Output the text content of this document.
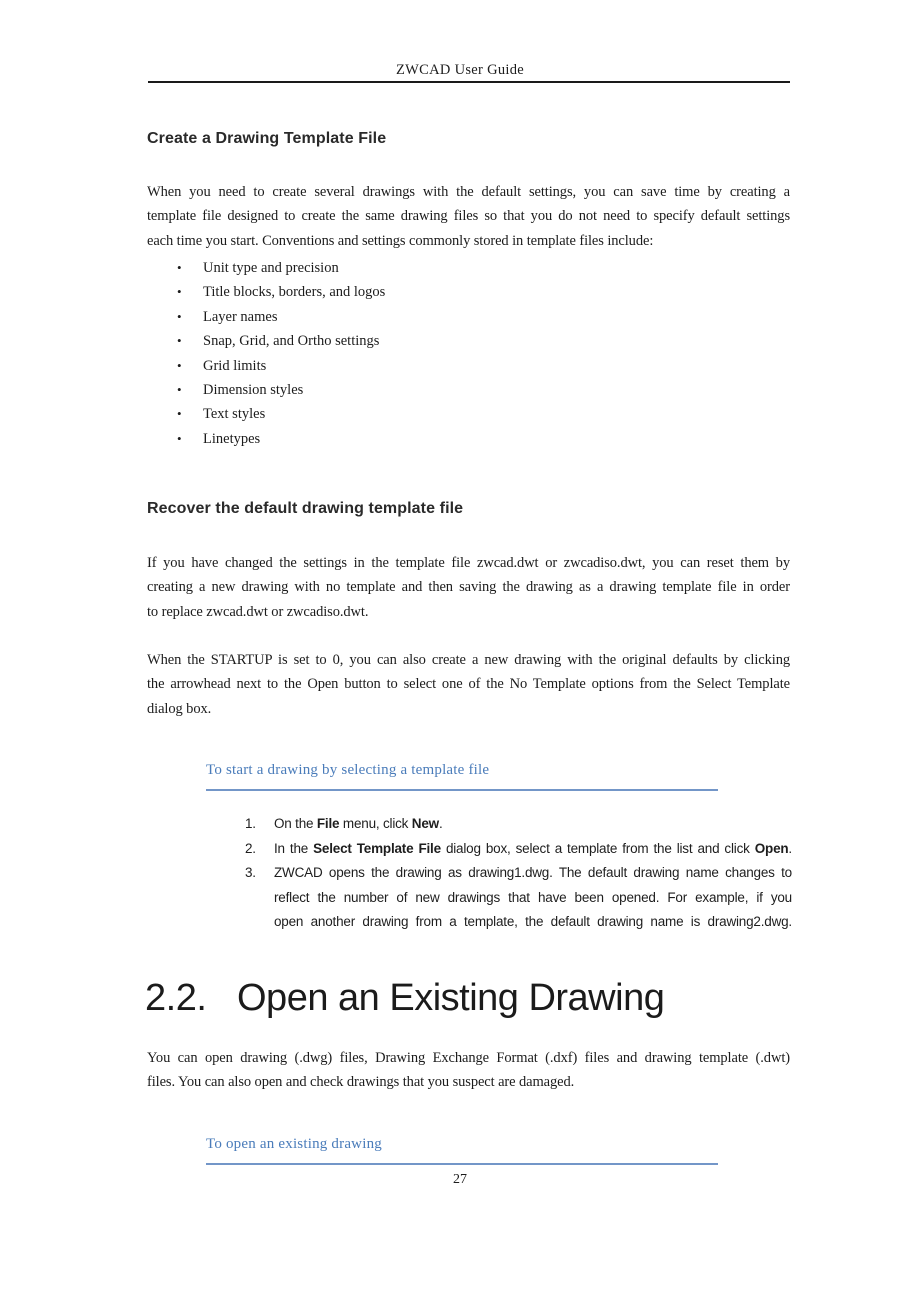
ZWCAD User Guide
Create a Drawing Template File
When you need to create several drawings with the default settings, you can save time by creating a
template file designed to create the same drawing files so that you do not need to specify default settings
each time you start. Conventions and settings commonly stored in template files include:
•	Unit type and precision
•	Title blocks, borders, and logos
•	Layer names
•	Snap, Grid, and Ortho settings
•	Grid limits
•	Dimension styles
•	Text styles
•	Linetypes
Recover the default drawing template file
If you have changed the settings in the template file zwcad.dwt or zwcadiso.dwt, you can reset them by
creating a new drawing with no template and then saving the drawing as a drawing template file in order
to replace zwcad.dwt or zwcadiso.dwt.
When the STARTUP is set to 0, you can also create a new drawing with the original defaults by clicking
the arrowhead next to the Open button to select one of the No Template options from the Select Template
dialog box.
To start a drawing by selecting a template file
1.	On the File menu, click New.
2.	In the Select Template File dialog box, select a template from the list and click Open.
3.	ZWCAD opens the drawing as drawing1.dwg. The default drawing name changes to
reflect the number of new drawings that have been opened. For example, if you
open another drawing from a template, the default drawing name is drawing2.dwg.
2.2. Open an Existing Drawing
You can open drawing (.dwg) files, Drawing Exchange Format (.dxf) files and drawing template (.dwt)
files. You can also open and check drawings that you suspect are damaged.
To open an existing drawing
27
